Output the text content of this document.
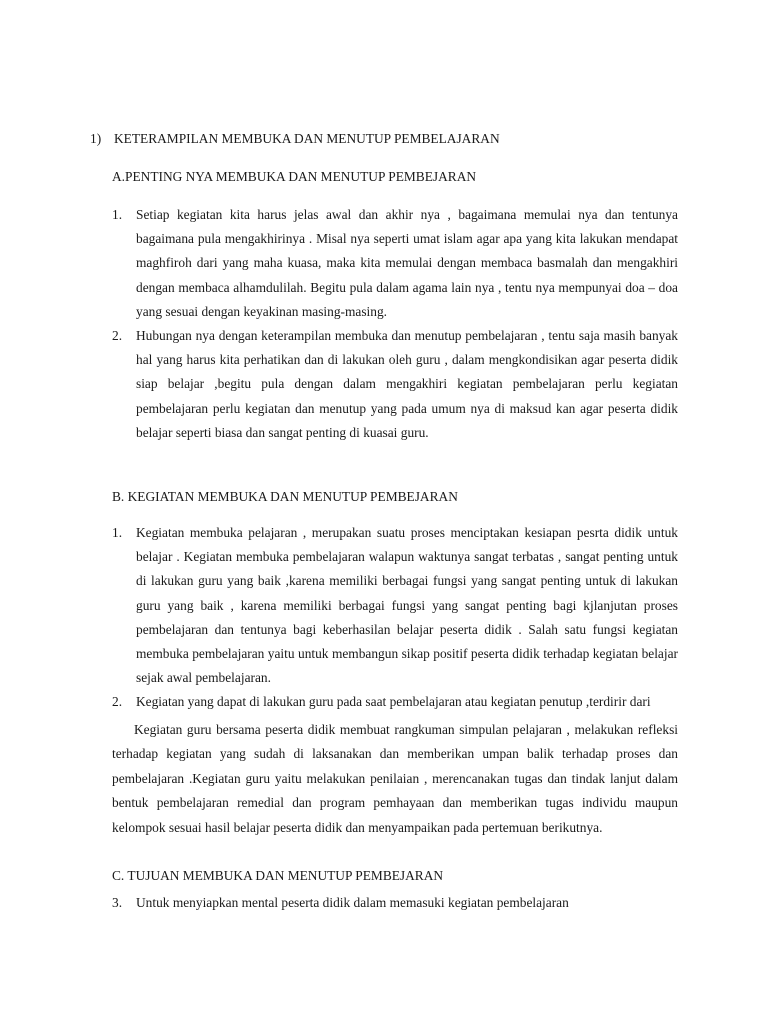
1) KETERAMPILAN MEMBUKA DAN MENUTUP PEMBELAJARAN
A.PENTING NYA MEMBUKA DAN MENUTUP PEMBEJARAN
1. Setiap kegiatan kita harus jelas awal dan akhir nya , bagaimana memulai nya dan tentunya bagaimana pula mengakhirinya . Misal nya seperti umat islam agar apa yang kita lakukan mendapat maghfiroh dari yang maha kuasa, maka kita memulai dengan membaca basmalah dan mengakhiri dengan membaca alhamdulilah. Begitu pula dalam agama lain nya , tentu nya mempunyai doa – doa yang sesuai dengan keyakinan masing-masing.
2. Hubungan nya dengan keterampilan membuka dan menutup pembelajaran , tentu saja masih banyak hal yang harus kita perhatikan dan di lakukan oleh guru , dalam mengkondisikan agar peserta didik siap belajar ,begitu pula dengan dalam mengakhiri kegiatan pembelajaran perlu kegiatan pembelajaran perlu kegiatan dan menutup yang pada umum nya di maksud kan agar peserta didik belajar seperti biasa dan sangat penting di kuasai guru.
B. KEGIATAN MEMBUKA DAN MENUTUP PEMBEJARAN
1. Kegiatan membuka pelajaran , merupakan suatu proses menciptakan kesiapan pesrta didik untuk belajar . Kegiatan membuka pembelajaran walapun waktunya sangat terbatas , sangat penting untuk di lakukan guru yang baik ,karena memiliki berbagai fungsi yang sangat penting untuk di lakukan guru yang baik , karena memiliki berbagai fungsi yang sangat penting bagi kjlanjutan proses pembelajaran dan tentunya bagi keberhasilan belajar peserta didik . Salah satu fungsi kegiatan membuka pembelajaran yaitu untuk membangun sikap positif peserta didik terhadap kegiatan belajar sejak awal pembelajaran.
2. Kegiatan yang dapat di lakukan guru pada saat pembelajaran atau kegiatan penutup ,terdirir dari
Kegiatan guru bersama peserta didik membuat rangkuman simpulan pelajaran , melakukan refleksi terhadap kegiatan yang sudah di laksanakan dan memberikan umpan balik terhadap proses dan pembelajaran .Kegiatan guru yaitu melakukan penilaian , merencanakan tugas dan tindak lanjut dalam bentuk pembelajaran remedial dan program pemhayaan dan memberikan tugas individu maupun kelompok sesuai hasil belajar peserta didik dan menyampaikan pada pertemuan berikutnya.
C. TUJUAN MEMBUKA DAN MENUTUP PEMBEJARAN
3. Untuk menyiapkan mental peserta didik dalam memasuki kegiatan pembelajaran
